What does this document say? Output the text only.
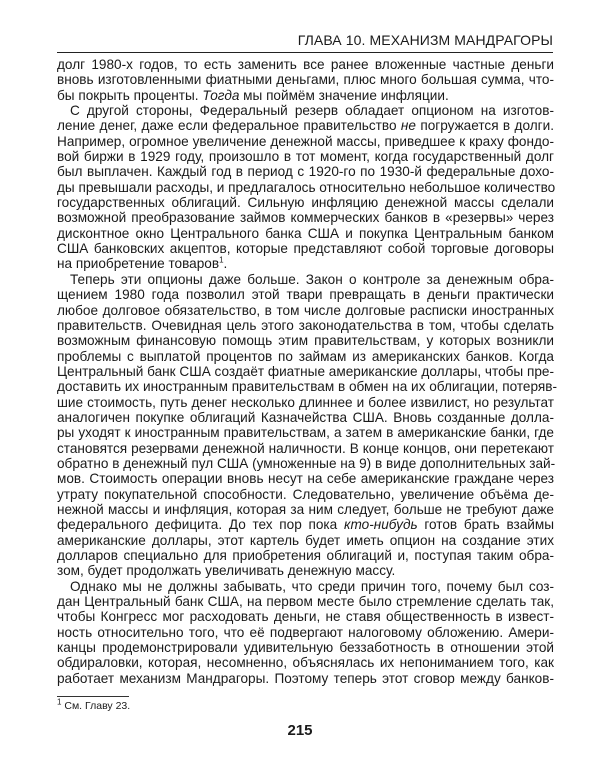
ГЛАВА 10. МЕХАНИЗМ МАНДРАГОРЫ
долг 1980-х годов, то есть заменить все ранее вложенные частные деньги
вновь изготовленными фиатными деньгами, плюс много большая сумма, что-
бы покрыть проценты. Тогда мы поймём значение инфляции.
С другой стороны, Федеральный резерв обладает опционом на изготов-
ление денег, даже если федеральное правительство не погружается в долги.
Например, огромное увеличение денежной массы, приведшее к краху фондо-
вой биржи в 1929 году, произошло в тот момент, когда государственный долг
был выплачен. Каждый год в период с 1920-го по 1930-й федеральные дохо-
ды превышали расходы, и предлагалось относительно небольшое количество
государственных облигаций. Сильную инфляцию денежной массы сделали
возможной преобразование займов коммерческих банков в «резервы» через
дисконтное окно Центрального банка США и покупка Центральным банком
США банковских акцептов, которые представляют собой торговые договоры
на приобретение товаров$^1$.
Теперь эти опционы даже больше. Закон о контроле за денежным обра-
щением 1980 года позволил этой твари превращать в деньги практически
любое долговое обязательство, в том числе долговые расписки иностранных
правительств. Очевидная цель этого законодательства в том, чтобы сделать
возможным финансовую помощь этим правительствам, у которых возникли
проблемы с выплатой процентов по займам из американских банков. Когда
Центральный банк США создаёт фиатные американские доллары, чтобы пре-
доставить их иностранным правительствам в обмен на их облигации, потеряв-
шие стоимость, путь денег несколько длиннее и более извилист, но результат
аналогичен покупке облигаций Казначейства США. Вновь созданные долла-
ры уходят к иностранным правительствам, а затем в американские банки, где
становятся резервами денежной наличности. В конце концов, они перетекают
обратно в денежный пул США (умноженные на 9) в виде дополнительных зай-
мов. Стоимость операции вновь несут на себе американские граждане через
утрату покупательной способности. Следовательно, увеличение объёма де-
нежной массы и инфляция, которая за ним следует, больше не требуют даже
федерального дефицита. До тех пор пока кто-нибудь готов брать взаймы
американские доллары, этот картель будет иметь опцион на создание этих
долларов специально для приобретения облигаций и, поступая таким обра-
зом, будет продолжать увеличивать денежную массу.
Однако мы не должны забывать, что среди причин того, почему был соз-
дан Центральный банк США, на первом месте было стремление сделать так,
чтобы Конгресс мог расходовать деньги, не ставя общественность в извест-
ность относительно того, что её подвергают налоговому обложению. Амери-
канцы продемонстрировали удивительную беззаботность в отношении этой
обдираловки, которая, несомненно, объяснялась их непониманием того, как
работает механизм Мандрагоры. Поэтому теперь этот сговор между банков-
$^1$ См. Главу 23.
215
